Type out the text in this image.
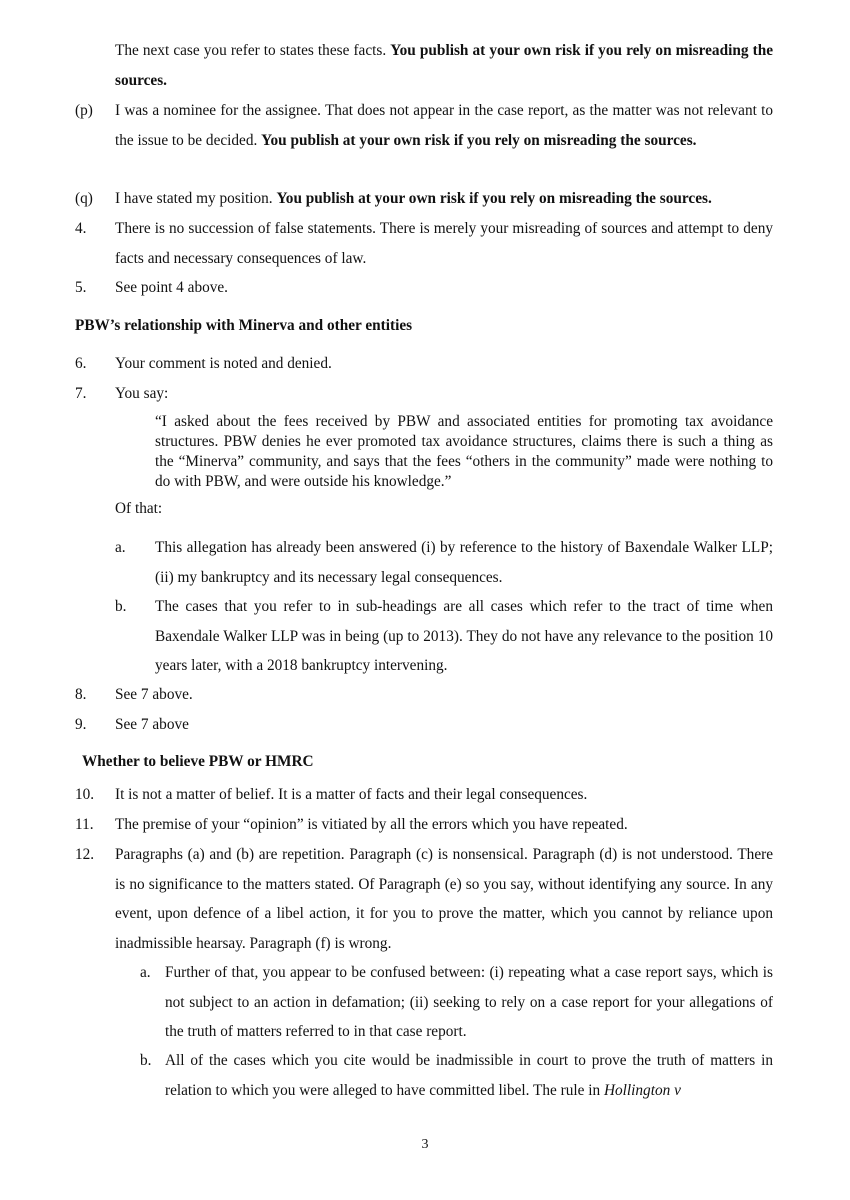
The next case you refer to states these facts. You publish at your own risk if you rely on misreading the sources.
(p) I was a nominee for the assignee. That does not appear in the case report, as the matter was not relevant to the issue to be decided. You publish at your own risk if you rely on misreading the sources.
(q) I have stated my position. You publish at your own risk if you rely on misreading the sources.
4. There is no succession of false statements. There is merely your misreading of sources and attempt to deny facts and necessary consequences of law.
5. See point 4 above.
PBW’s relationship with Minerva and other entities
6. Your comment is noted and denied.
7. You say:
“I asked about the fees received by PBW and associated entities for promoting tax avoidance structures. PBW denies he ever promoted tax avoidance structures, claims there is such a thing as the “Minerva” community, and says that the fees “others in the community” made were nothing to do with PBW, and were outside his knowledge.”
Of that:
a. This allegation has already been answered (i) by reference to the history of Baxendale Walker LLP; (ii) my bankruptcy and its necessary legal consequences.
b. The cases that you refer to in sub-headings are all cases which refer to the tract of time when Baxendale Walker LLP was in being (up to 2013). They do not have any relevance to the position 10 years later, with a 2018 bankruptcy intervening.
8. See 7 above.
9. See 7 above
Whether to believe PBW or HMRC
10. It is not a matter of belief. It is a matter of facts and their legal consequences.
11. The premise of your “opinion” is vitiated by all the errors which you have repeated.
12. Paragraphs (a) and (b) are repetition. Paragraph (c) is nonsensical. Paragraph (d) is not understood. There is no significance to the matters stated. Of Paragraph (e) so you say, without identifying any source. In any event, upon defence of a libel action, it for you to prove the matter, which you cannot by reliance upon inadmissible hearsay. Paragraph (f) is wrong.
a. Further of that, you appear to be confused between: (i) repeating what a case report says, which is not subject to an action in defamation; (ii) seeking to rely on a case report for your allegations of the truth of matters referred to in that case report.
b. All of the cases which you cite would be inadmissible in court to prove the truth of matters in relation to which you were alleged to have committed libel. The rule in Hollington v
3
